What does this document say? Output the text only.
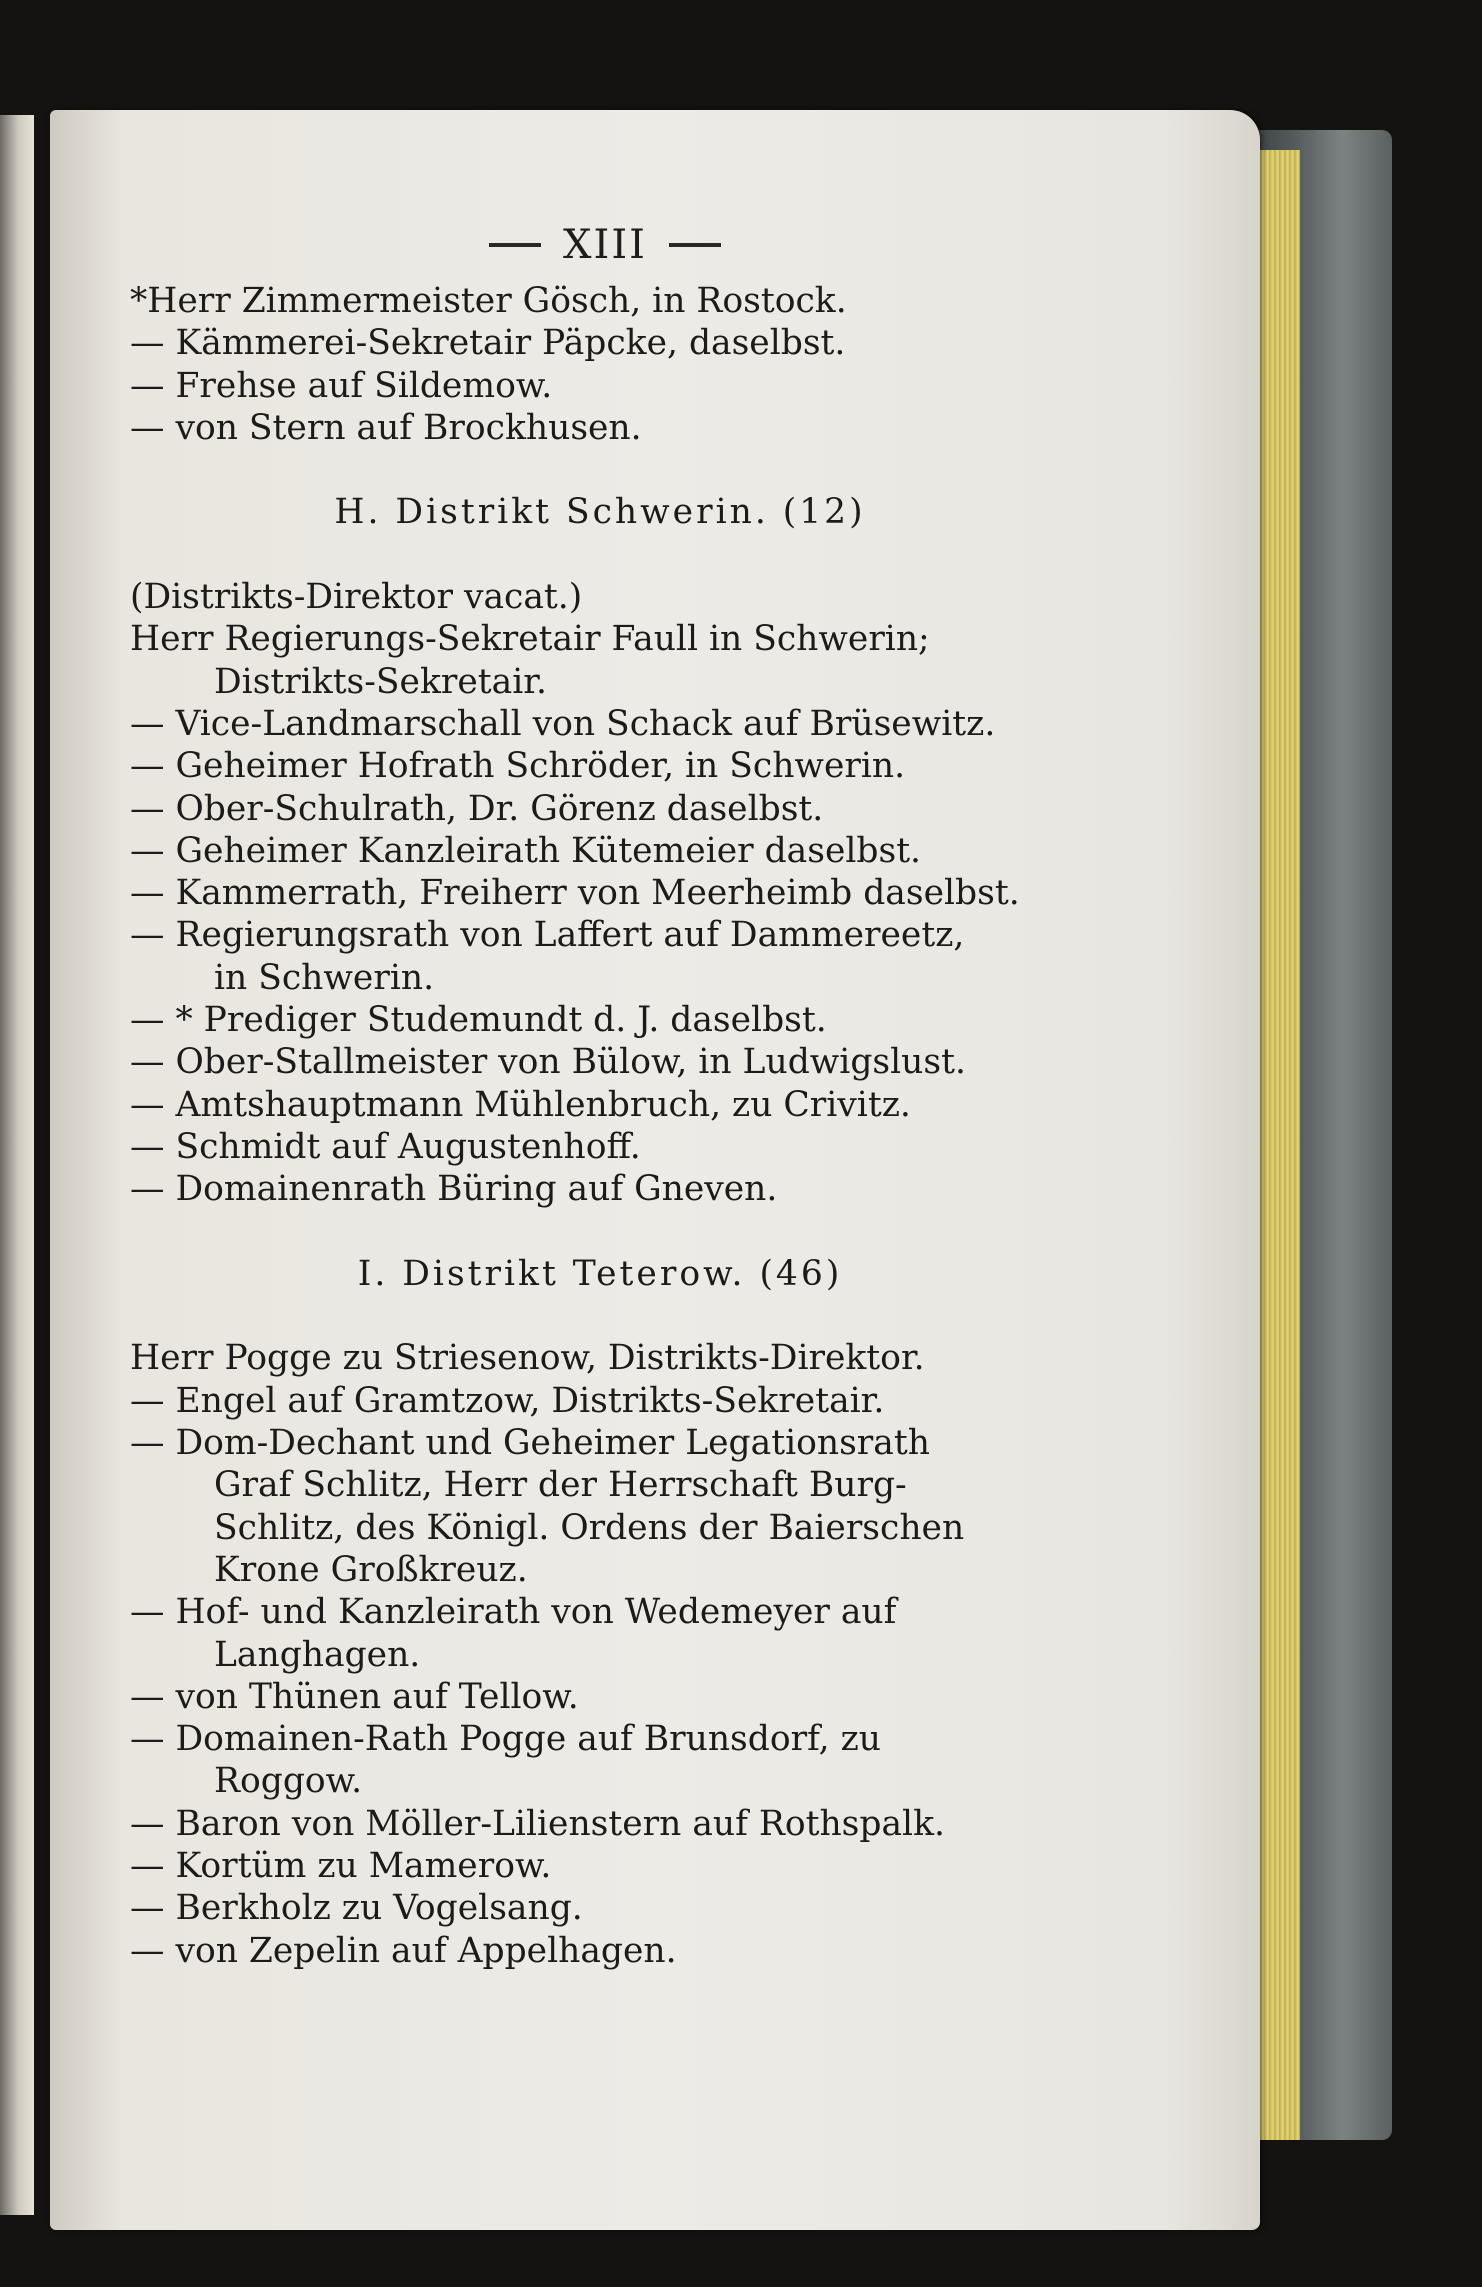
XIII
*Herr Zimmermeister Gösch, in Rostock.
— Kämmerei-Sekretair Päpcke, daselbst.
— Frehse auf Sildemow.
— von Stern auf Brockhusen.
H. Distrikt Schwerin. (12)
(Distrikts-Direktor vacat.)
Herr Regierungs-Sekretair Faull in Schwerin;
Distrikts-Sekretair.
— Vice-Landmarschall von Schack auf Brüsewitz.
— Geheimer Hofrath Schröder, in Schwerin.
— Ober-Schulrath, Dr. Görenz daselbst.
— Geheimer Kanzleirath Kütemeier daselbst.
— Kammerrath, Freiherr von Meerheimb daselbst.
— Regierungsrath von Laffert auf Dammereetz,
in Schwerin.
— * Prediger Studemundt d. J. daselbst.
— Ober-Stallmeister von Bülow, in Ludwigslust.
— Amtshauptmann Mühlenbruch, zu Crivitz.
— Schmidt auf Augustenhoff.
— Domainenrath Büring auf Gneven.
I. Distrikt Teterow. (46)
Herr Pogge zu Striesenow, Distrikts-Direktor.
— Engel auf Gramtzow, Distrikts-Sekretair.
— Dom-Dechant und Geheimer Legationsrath
Graf Schlitz, Herr der Herrschaft Burg-
Schlitz, des Königl. Ordens der Baierschen
Krone Großkreuz.
— Hof- und Kanzleirath von Wedemeyer auf
Langhagen.
— von Thünen auf Tellow.
— Domainen-Rath Pogge auf Brunsdorf, zu
Roggow.
— Baron von Möller-Lilienstern auf Rothspalk.
— Kortüm zu Mamerow.
— Berkholz zu Vogelsang.
— von Zepelin auf Appelhagen.
